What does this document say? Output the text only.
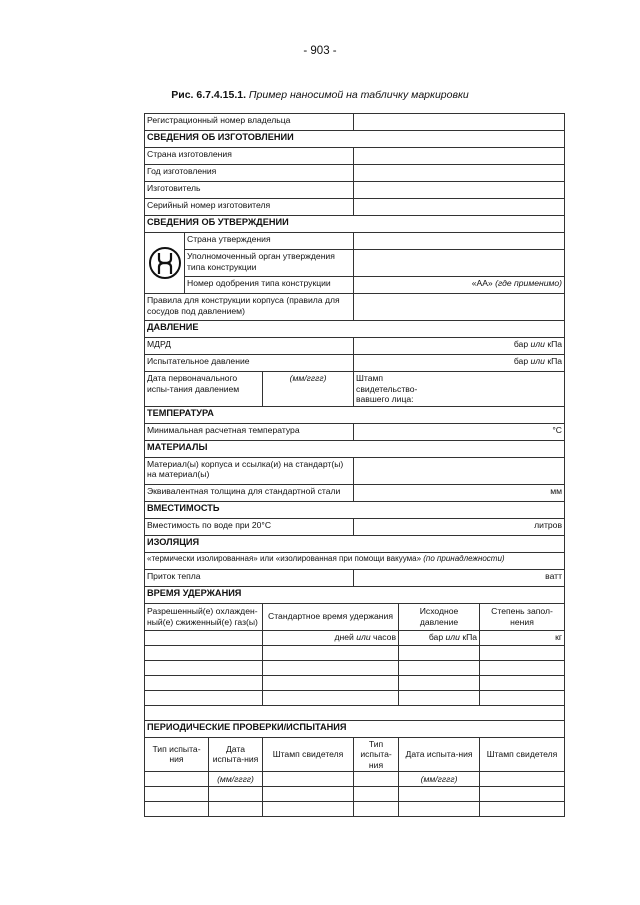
- 903 -
Рис. 6.7.4.15.1. Пример наносимой на табличку маркировки
Регистрационный номер владельца							
СВЕДЕНИЯ ОБ ИЗГОТОВЛЕНИИ							
Страна изготовления							
Год изготовления							
Изготовитель							
Серийный номер изготовителя							
СВЕДЕНИЯ ОБ УТВЕРЖДЕНИИ							

	Страна утверждения						
	Уполномоченный орган утверждения типа конструкции						
	Номер одобрения типа конструкции			«АА» (где применимо)			
Правила для конструкции корпуса (правила для сосудов под давлением)							
ДАВЛЕНИЕ							
МДРД				бар или кПа			
Испытательное давление				бар или кПа			
Дата первоначального испы-тания давлением			(мм/гггг)	Штамп свидетельство-вавшего лица:			
ТЕМПЕРАТУРА							
Минимальная расчетная температура				°C			
МАТЕРИАЛЫ							
Материал(ы) корпуса и ссылка(и) на стандарт(ы) на материал(ы)							
Эквивалентная толщина для стандартной стали				мм			
ВМЕСТИМОСТЬ							
Вместимость по воде при 20°C				литров			
ИЗОЛЯЦИЯ							
«термически изолированная» или «изолированная при помощи вакуума» (по принадлежности)							
Приток тепла				ватт			
ВРЕМЯ УДЕРЖАНИЯ							
Разрешенный(е) охлажден-ный(е) сжиженный(е) газ(ы)			Стандартное время удержания		Исходное давление		Степень запол-нения
			дней или часов		бар или кПа		кг

ПЕРИОДИЧЕСКИЕ ПРОВЕРКИ/ИСПЫТАНИЯ							
Тип испыта-ния		Дата испыта-ния	Штамп свидетеля	Тип испыта-ния	Дата испыта-ния		Штамп свидетеля
		(мм/гггг)			(мм/гггг)		
